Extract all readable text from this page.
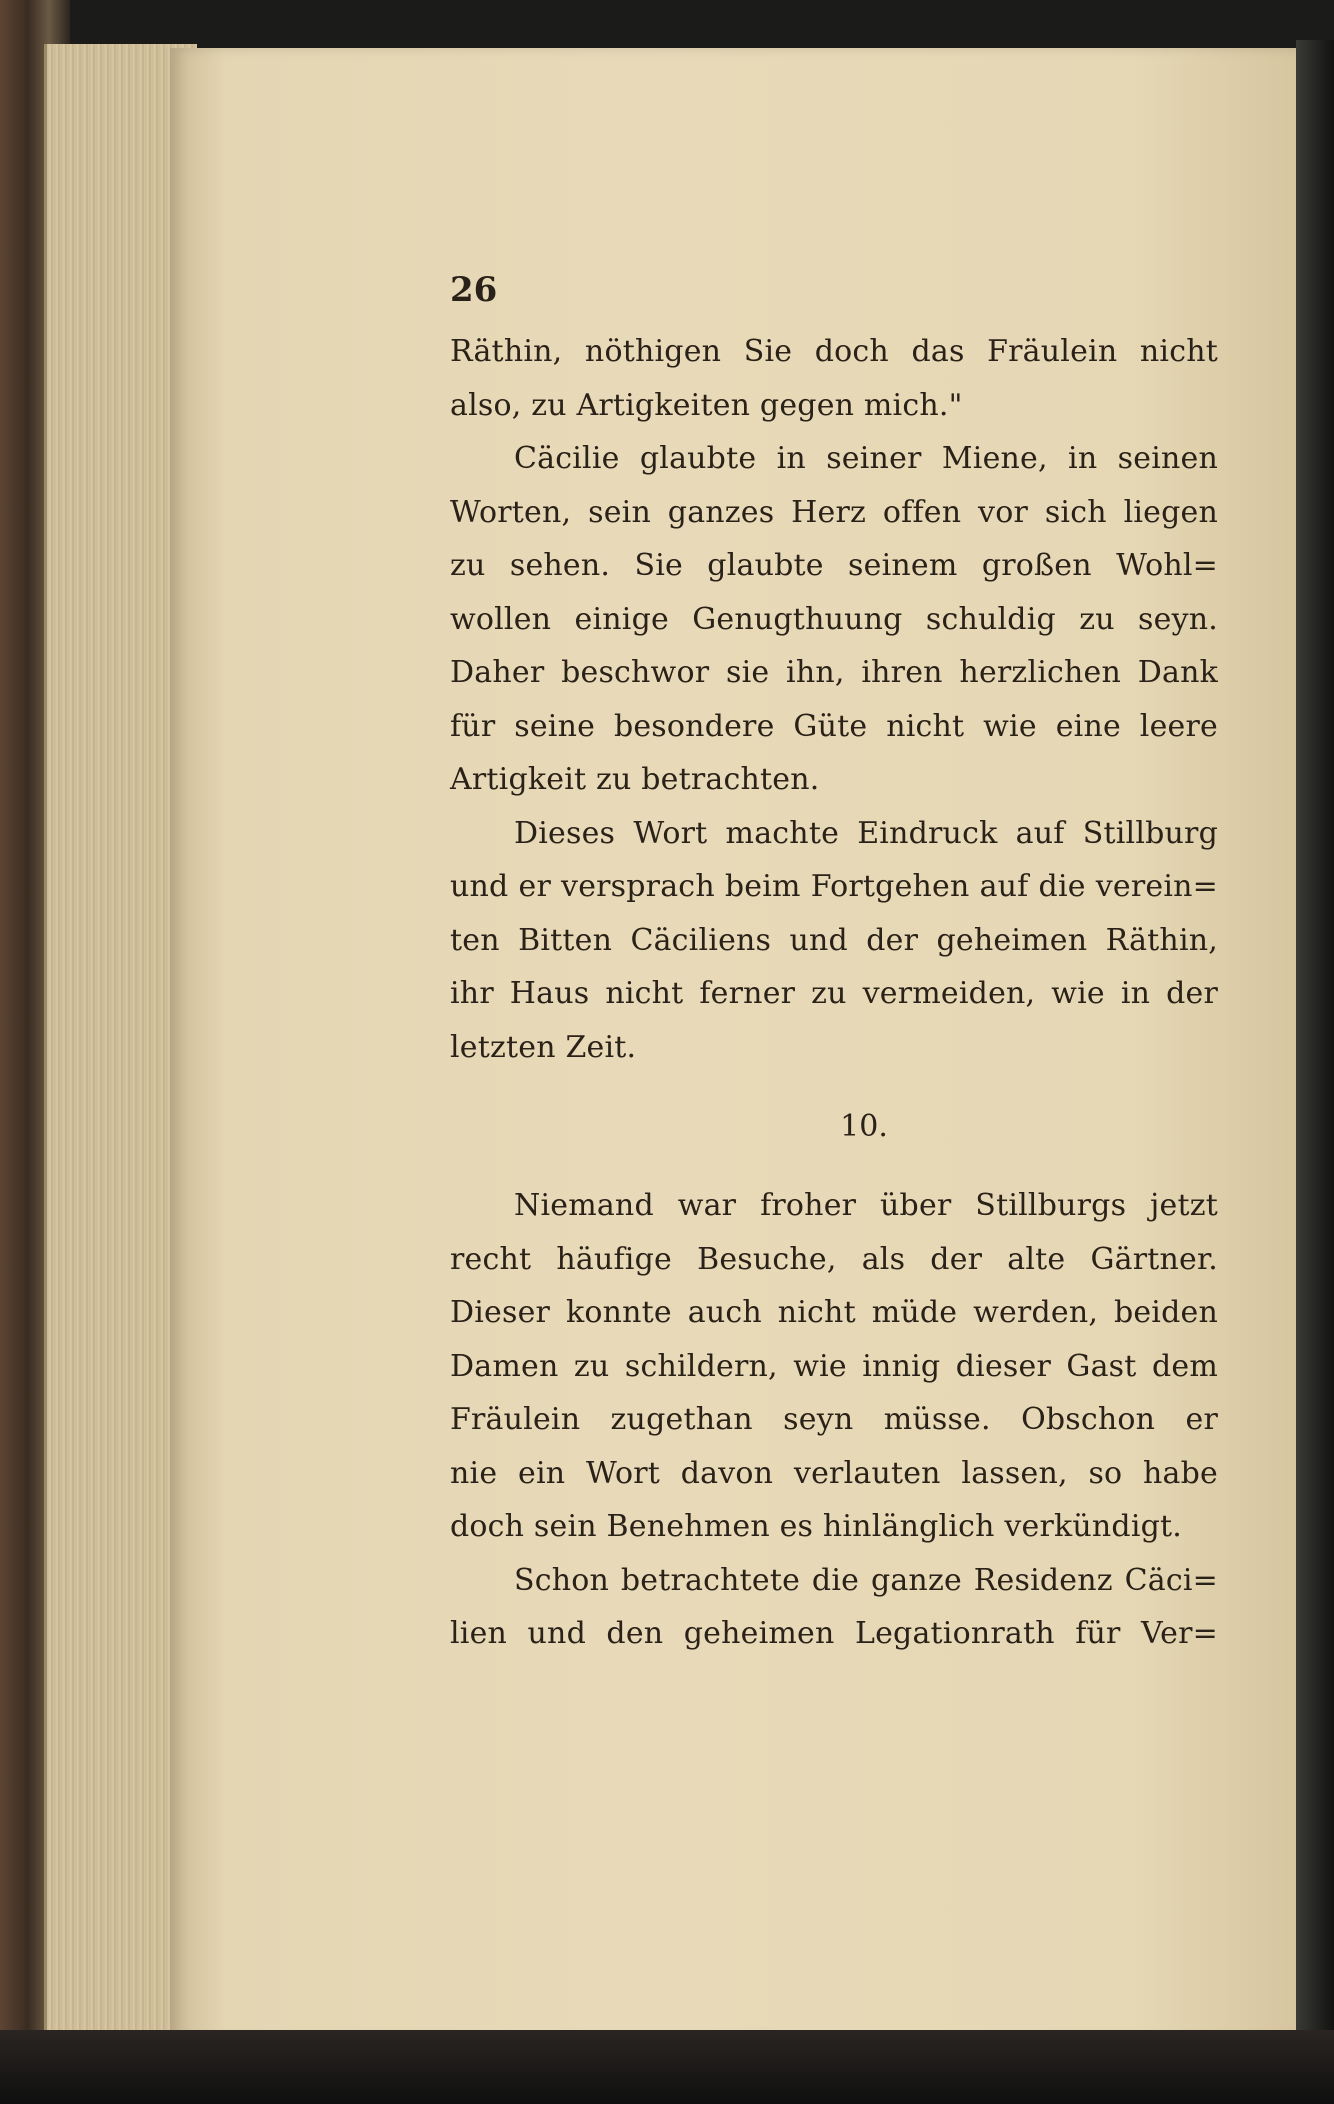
26
Räthin, nöthigen Sie doch das Fräulein nicht
also, zu Artigkeiten gegen mich."
Cäcilie glaubte in seiner Miene, in seinen
Worten, sein ganzes Herz offen vor sich liegen
zu sehen. Sie glaubte seinem großen Wohl=
wollen einige Genugthuung schuldig zu seyn.
Daher beschwor sie ihn, ihren herzlichen Dank
für seine besondere Güte nicht wie eine leere
Artigkeit zu betrachten.
Dieses Wort machte Eindruck auf Stillburg
und er versprach beim Fortgehen auf die verein=
ten Bitten Cäciliens und der geheimen Räthin,
ihr Haus nicht ferner zu vermeiden, wie in der
letzten Zeit.
10.
Niemand war froher über Stillburgs jetzt
recht häufige Besuche, als der alte Gärtner.
Dieser konnte auch nicht müde werden, beiden
Damen zu schildern, wie innig dieser Gast dem
Fräulein zugethan seyn müsse. Obschon er
nie ein Wort davon verlauten lassen, so habe
doch sein Benehmen es hinlänglich verkündigt.
Schon betrachtete die ganze Residenz Cäci=
lien und den geheimen Legationrath für Ver=
